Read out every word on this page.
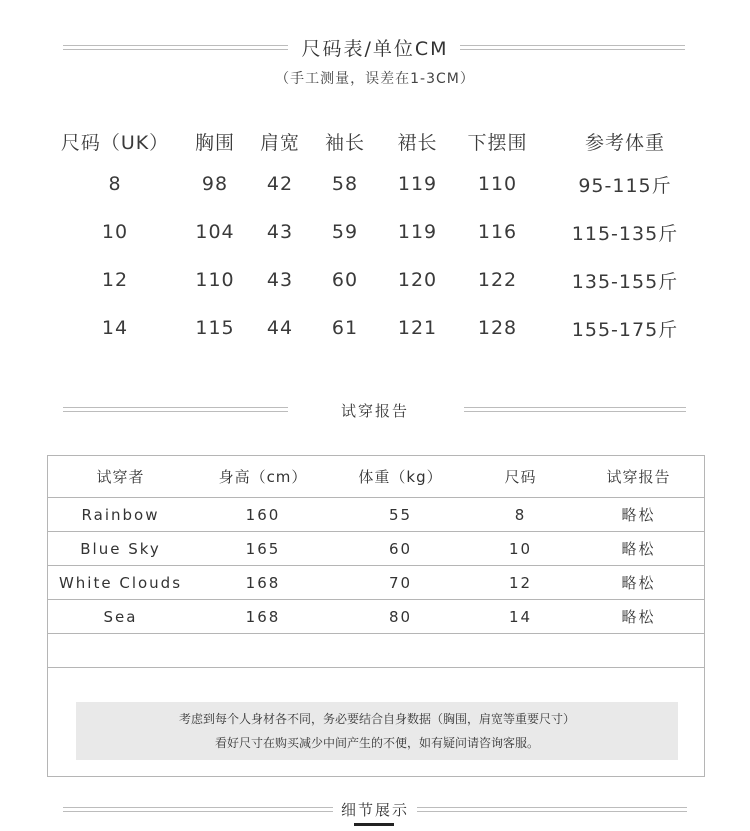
尺码表/单位CM
（手工测量，误差在1-3CM）
尺码（UK）	胸围	肩宽	袖长	裙长	下摆围	参考体重
8	98	42	58	119	110	95-115斤
10	104	43	59	119	116	115-135斤
12	110	43	60	120	122	135-155斤
14	115	44	61	121	128	155-175斤
试穿报告
试穿者	身高（cm）	体重（kg）	尺码	试穿报告
Rainbow	160	55	8	略松
Blue Sky	165	60	10	略松
White Clouds	168	70	12	略松
Sea	168	80	14	略松

考虑到每个人身材各不同，务必要结合自身数据（胸围，肩宽等重要尺寸）
看好尺寸在购买减少中间产生的不便，如有疑问请咨询客服。
细节展示
